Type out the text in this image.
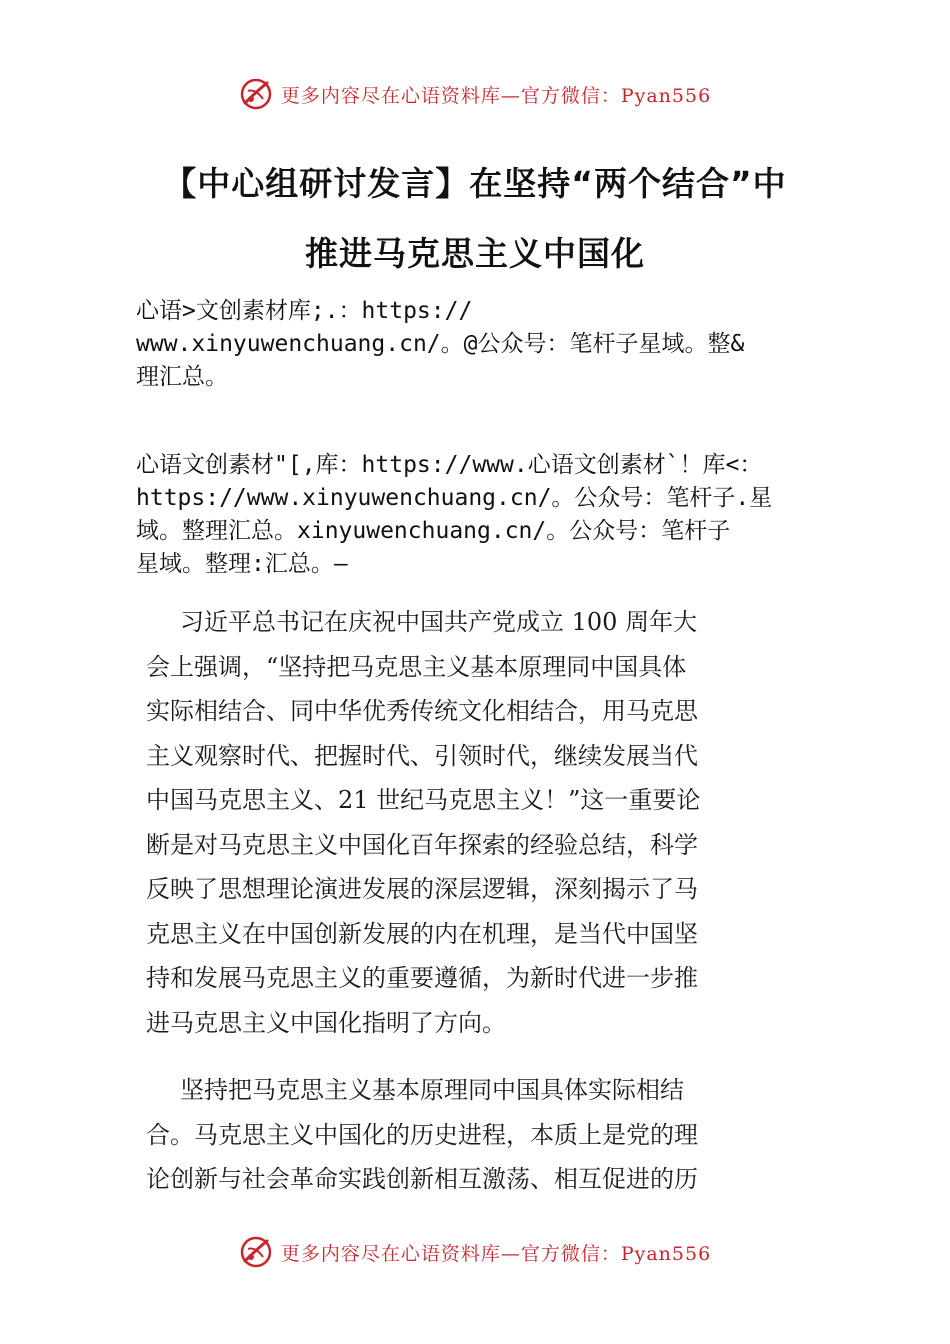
更多内容尽在心语资料库—官方微信：Pyan556
【中心组研讨发言】在坚持“两个结合”中
推进马克思主义中国化
心语>文创素材库;.：https://
www.xinyuwenchuang.cn/。@公众号：笔杆子星域。整&
理汇总。
心语文创素材"[,库：https://www.心语文创素材`！库<：
https://www.xinyuwenchuang.cn/。公众号：笔杆子.星
域。整理汇总。xinyuwenchuang.cn/。公众号：笔杆子
星域。整理:汇总。—
习近平总书记在庆祝中国共产党成立 100 周年大
会上强调，“坚持把马克思主义基本原理同中国具体
实际相结合、同中华优秀传统文化相结合，用马克思
主义观察时代、把握时代、引领时代，继续发展当代
中国马克思主义、21 世纪马克思主义！”这一重要论
断是对马克思主义中国化百年探索的经验总结，科学
反映了思想理论演进发展的深层逻辑，深刻揭示了马
克思主义在中国创新发展的内在机理，是当代中国坚
持和发展马克思主义的重要遵循，为新时代进一步推
进马克思主义中国化指明了方向。
坚持把马克思主义基本原理同中国具体实际相结
合。马克思主义中国化的历史进程，本质上是党的理
论创新与社会革命实践创新相互激荡、相互促进的历
更多内容尽在心语资料库—官方微信：Pyan556
